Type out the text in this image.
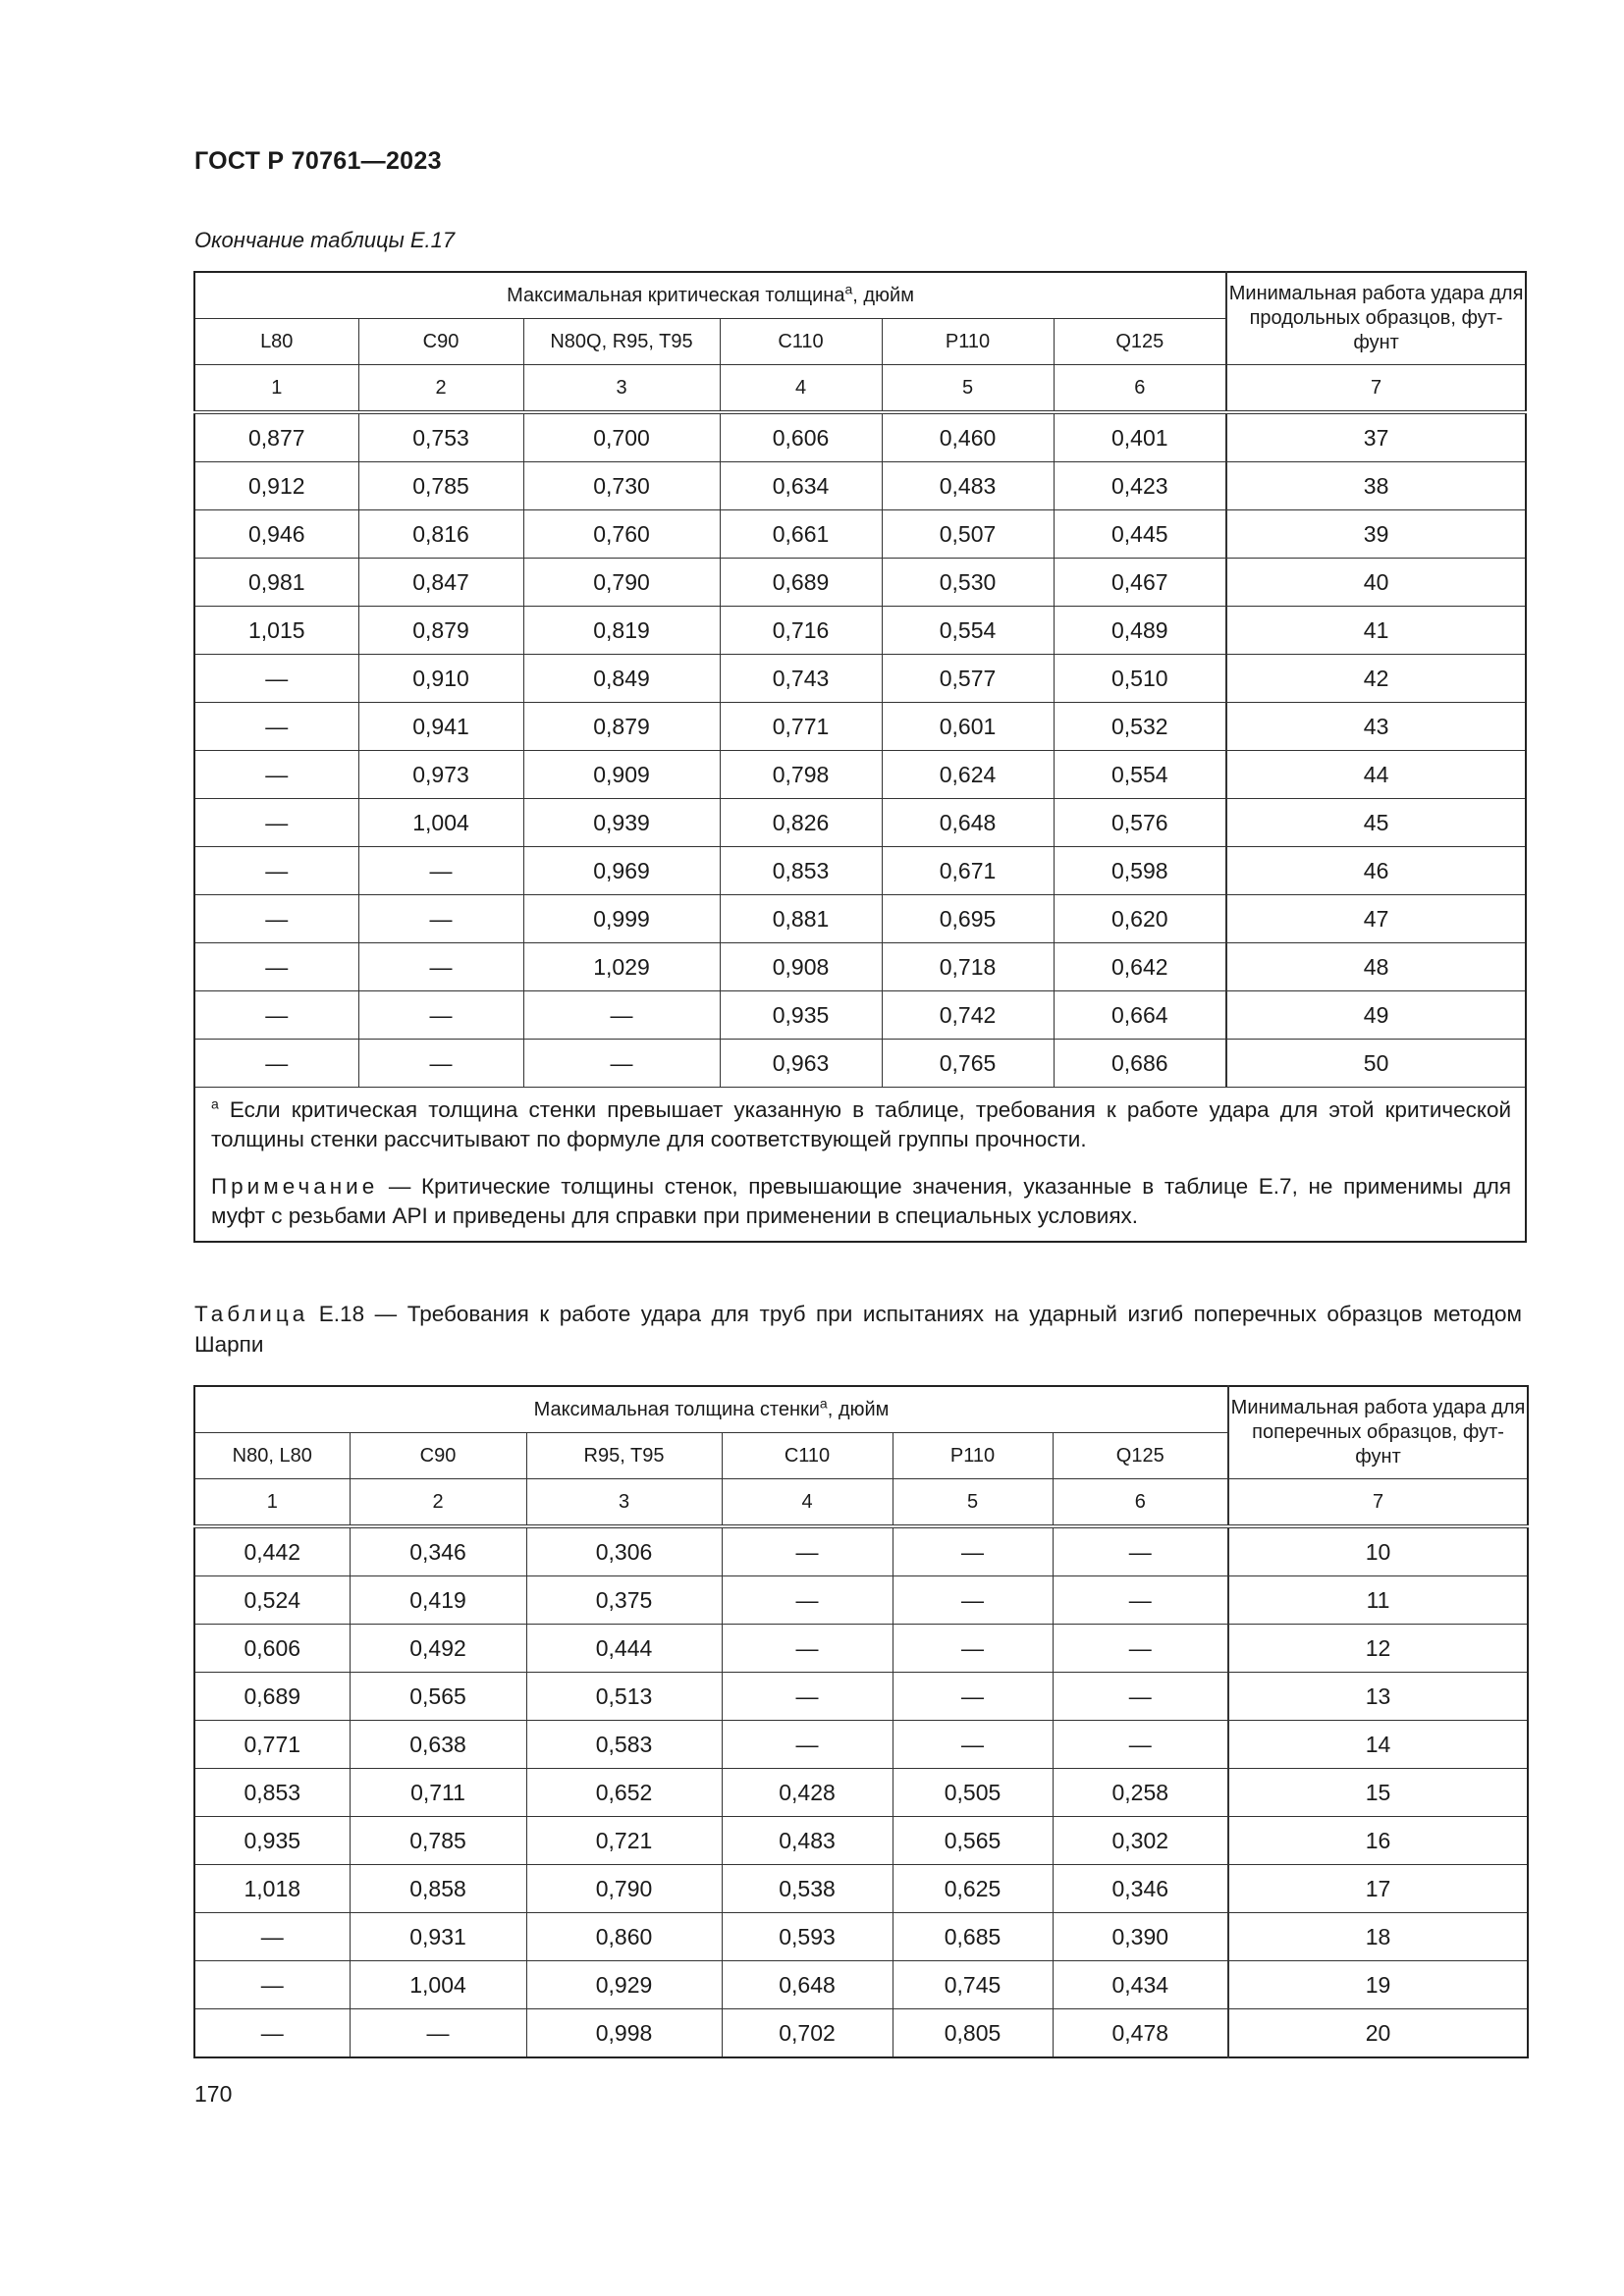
ГОСТ Р 70761—2023
Окончание таблицы Е.17
Максимальная критическая толщина$^a$, дюйм						Минимальная работа удара для продольных образцов, фут-фунт
L80	C90	N80Q, R95, T95	C110	P110	Q125	
1	2	3	4	5	6	7
0,877	0,753	0,700	0,606	0,460	0,401	37
0,912	0,785	0,730	0,634	0,483	0,423	38
0,946	0,816	0,760	0,661	0,507	0,445	39
0,981	0,847	0,790	0,689	0,530	0,467	40
1,015	0,879	0,819	0,716	0,554	0,489	41
—	0,910	0,849	0,743	0,577	0,510	42
—	0,941	0,879	0,771	0,601	0,532	43
—	0,973	0,909	0,798	0,624	0,554	44
—	1,004	0,939	0,826	0,648	0,576	45
—	—	0,969	0,853	0,671	0,598	46
—	—	0,999	0,881	0,695	0,620	47
—	—	1,029	0,908	0,718	0,642	48
—	—	—	0,935	0,742	0,664	49
—	—	—	0,963	0,765	0,686	50

$^a$ Если критическая толщина стенки превышает указанную в таблице, требования к работе удара для этой критической толщины стенки рассчитывают по формуле для соответствующей группы прочности.
Примечание — Критические толщины стенок, превышающие значения, указанные в таблице Е.7, не применимы для муфт с резьбами API и приведены для справки при применении в специальных условиях.						
Таблица Е.18 — Требования к работе удара для труб при испытаниях на ударный изгиб поперечных образцов методом Шарпи
Максимальная толщина стенки$^a$, дюйм						Минимальная работа удара для поперечных образцов, фут-фунт
N80, L80	C90	R95, T95	C110	P110	Q125	
1	2	3	4	5	6	7
0,442	0,346	0,306	—	—	—	10
0,524	0,419	0,375	—	—	—	11
0,606	0,492	0,444	—	—	—	12
0,689	0,565	0,513	—	—	—	13
0,771	0,638	0,583	—	—	—	14
0,853	0,711	0,652	0,428	0,505	0,258	15
0,935	0,785	0,721	0,483	0,565	0,302	16
1,018	0,858	0,790	0,538	0,625	0,346	17
—	0,931	0,860	0,593	0,685	0,390	18
—	1,004	0,929	0,648	0,745	0,434	19
—	—	0,998	0,702	0,805	0,478	20
170
